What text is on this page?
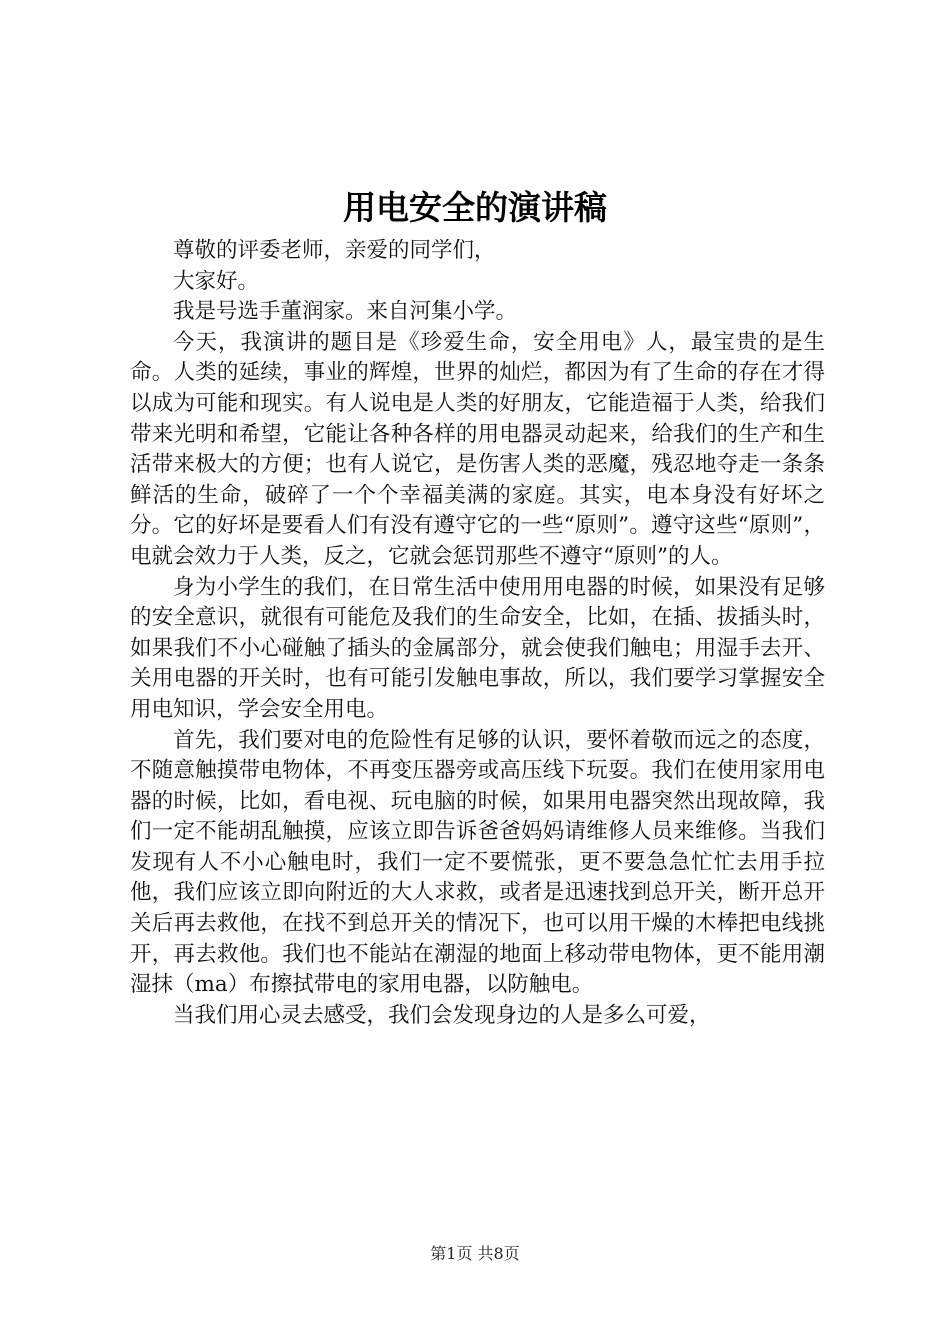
用电安全的演讲稿

尊敬的评委老师，亲爱的同学们，

大家好。

我是号选手董润家。来自河集小学。

今天，我演讲的题目是《珍爱生命，安全用电》人，最宝贵的是生命。人类的延续，事业的辉煌，世界的灿烂，都因为有了生命的存在才得以成为可能和现实。有人说电是人类的好朋友，它能造福于人类，给我们带来光明和希望，它能让各种各样的用电器灵动起来，给我们的生产和生活带来极大的方便；也有人说它，是伤害人类的恶魔，残忍地夺走一条条鲜活的生命，破碎了一个个幸福美满的家庭。其实，电本身没有好坏之分。它的好坏是要看人们有没有遵守它的一些“原则”。遵守这些“原则”，电就会效力于人类，反之，它就会惩罚那些不遵守“原则”的人。

身为小学生的我们，在日常生活中使用用电器的时候，如果没有足够的安全意识，就很有可能危及我们的生命安全，比如，在插、拔插头时，如果我们不小心碰触了插头的金属部分，就会使我们触电；用湿手去开、关用电器的开关时，也有可能引发触电事故，所以，我们要学习掌握安全用电知识，学会安全用电。

首先，我们要对电的危险性有足够的认识，要怀着敬而远之的态度，不随意触摸带电物体，不再变压器旁或高压线下玩耍。我们在使用家用电器的时候，比如，看电视、玩电脑的时候，如果用电器突然出现故障，我们一定不能胡乱触摸，应该立即告诉爸爸妈妈请维修人员来维修。当我们发现有人不小心触电时，我们一定不要慌张，更不要急急忙忙去用手拉他，我们应该立即向附近的大人求救，或者是迅速找到总开关，断开总开关后再去救他，在找不到总开关的情况下，也可以用干燥的木棒把电线挑开，再去救他。我们也不能站在潮湿的地面上移动带电物体，更不能用潮湿抹（ma）布擦拭带电的家用电器，以防触电。

当我们用心灵去感受，我们会发现身边的人是多么可爱，

第1页 共8页
